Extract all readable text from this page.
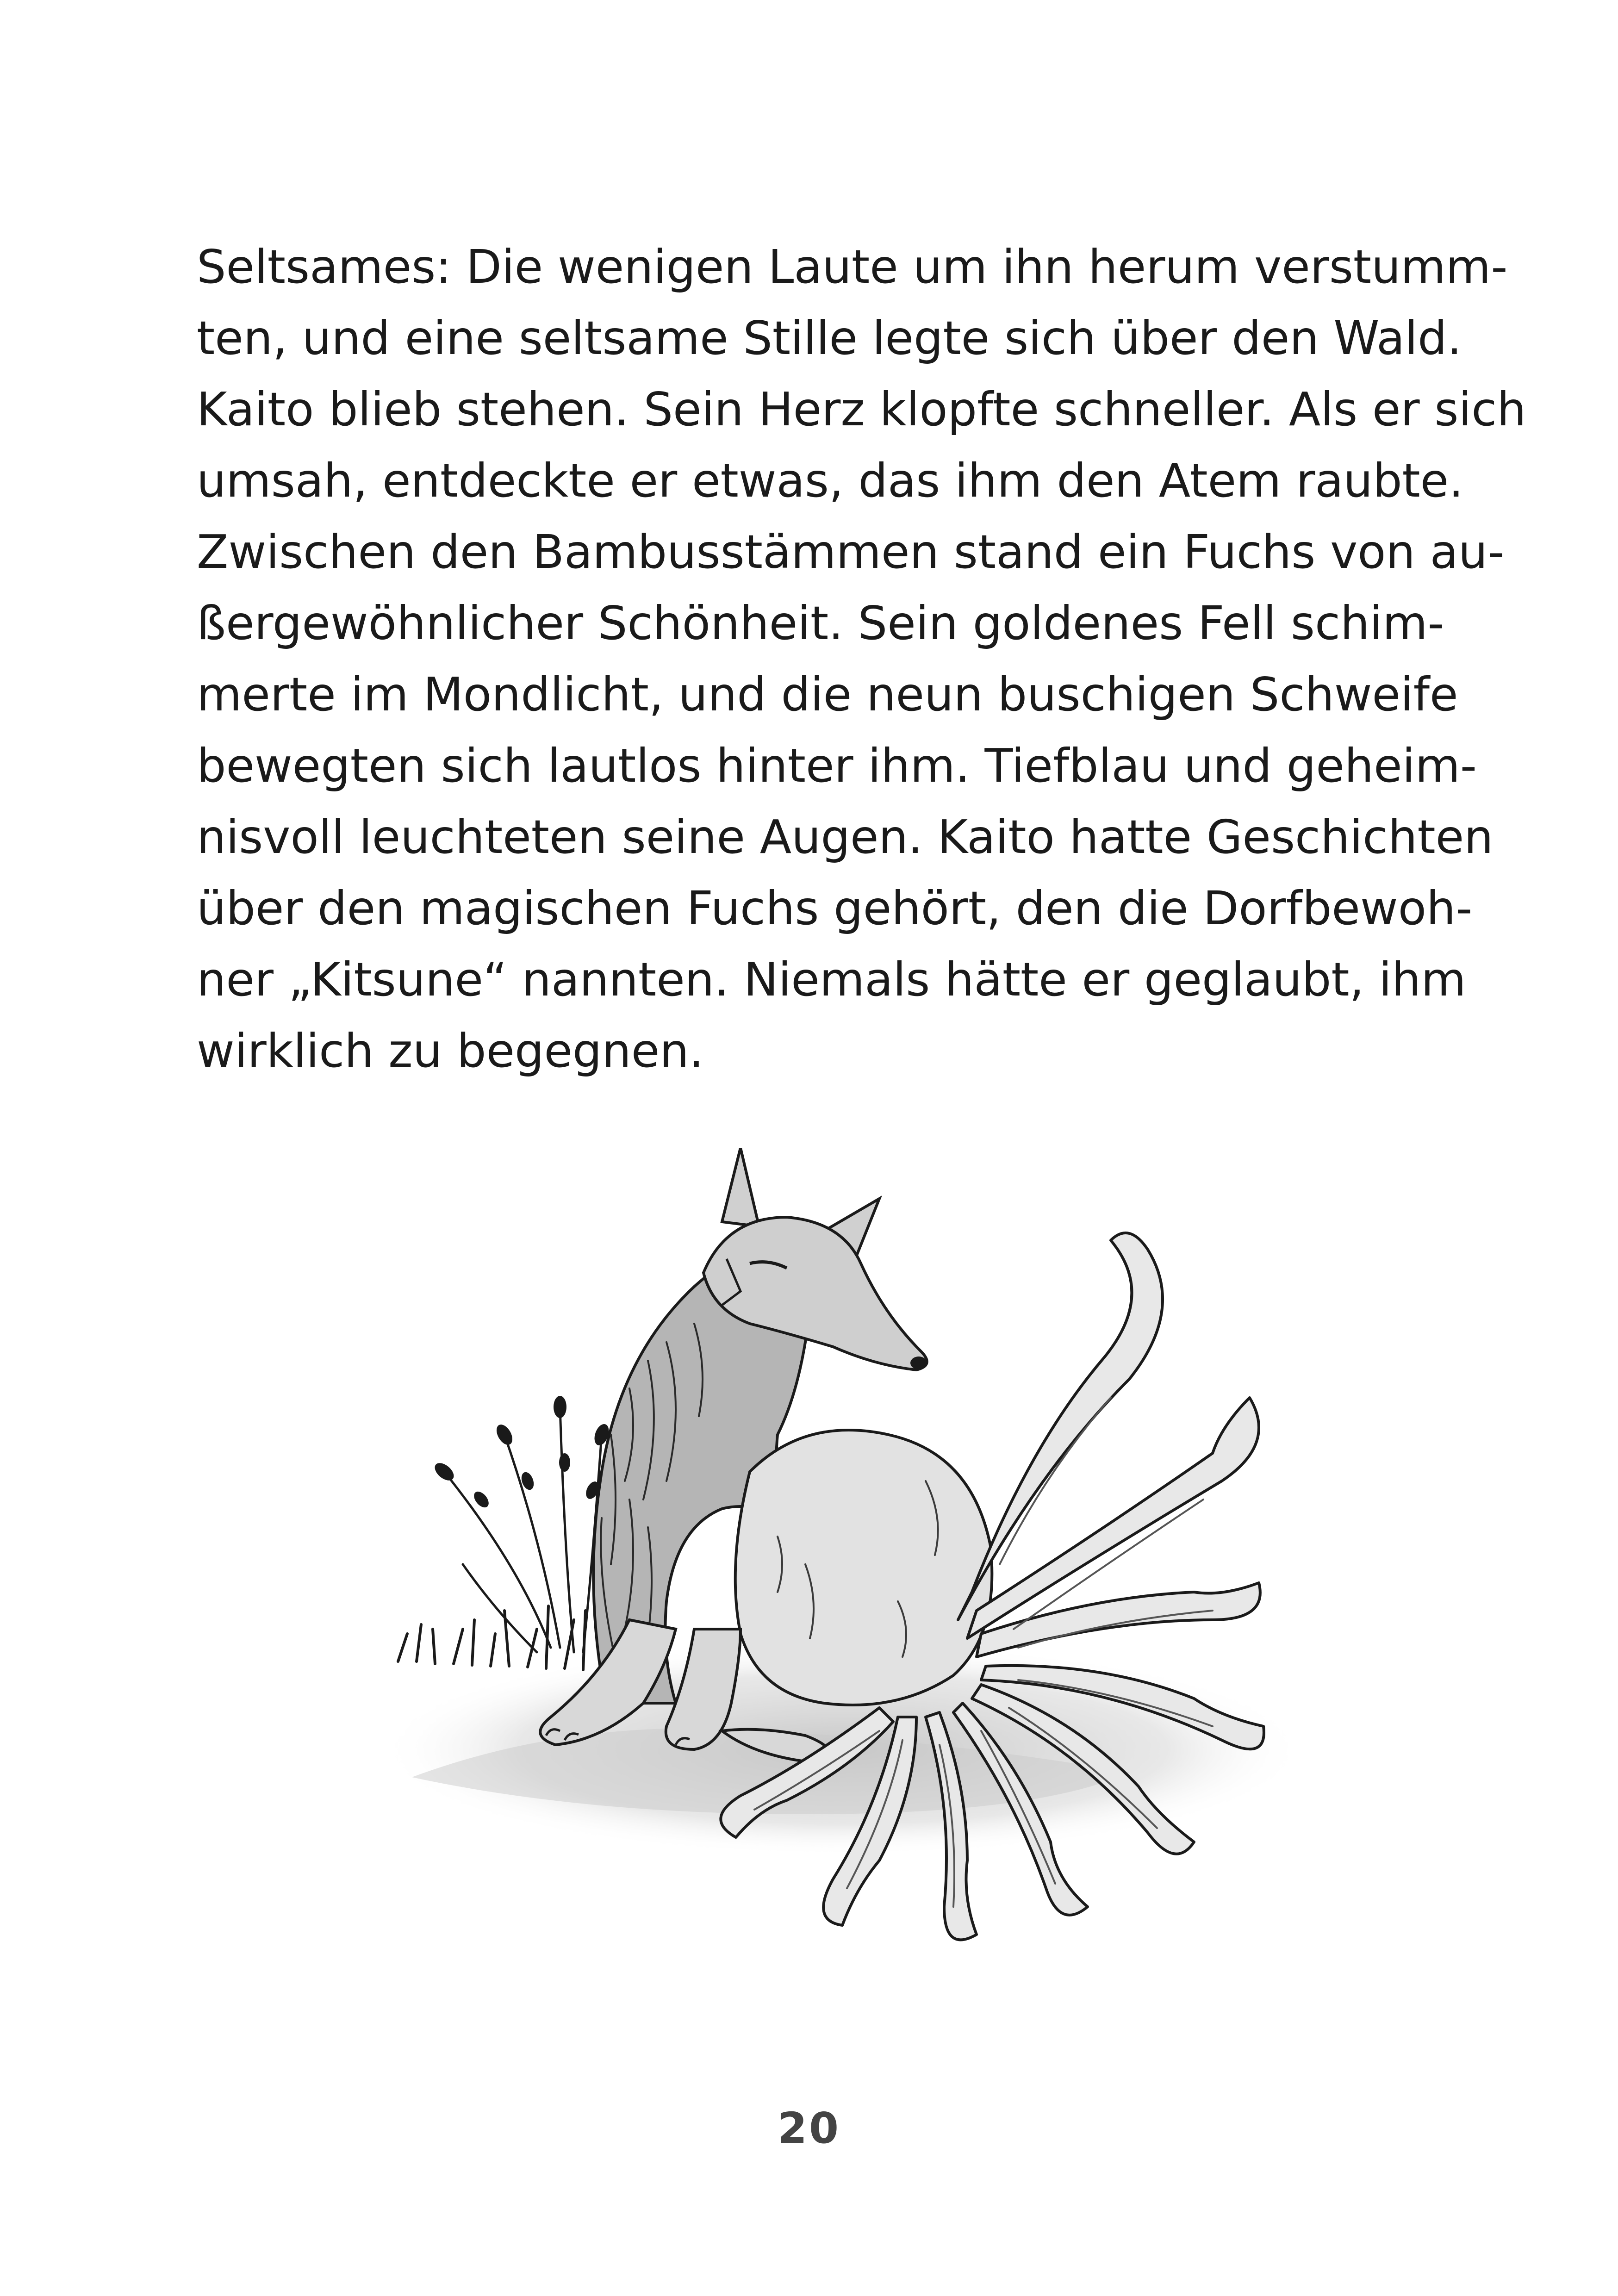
Seltsames: Die wenigen Laute um ihn herum verstumm-
ten, und eine seltsame Stille legte sich über den Wald.
Kaito blieb stehen. Sein Herz klopfte schneller. Als er sich
umsah, entdeckte er etwas, das ihm den Atem raubte.
Zwischen den Bambusstämmen stand ein Fuchs von au-
ßergewöhnlicher Schönheit. Sein goldenes Fell schim-
merte im Mondlicht, und die neun buschigen Schweife
bewegten sich lautlos hinter ihm. Tiefblau und geheim-
nisvoll leuchteten seine Augen. Kaito hatte Geschichten
über den magischen Fuchs gehört, den die Dorfbewoh-
ner „Kitsune“ nannten. Niemals hätte er geglaubt, ihm
wirklich zu begegnen.
20
